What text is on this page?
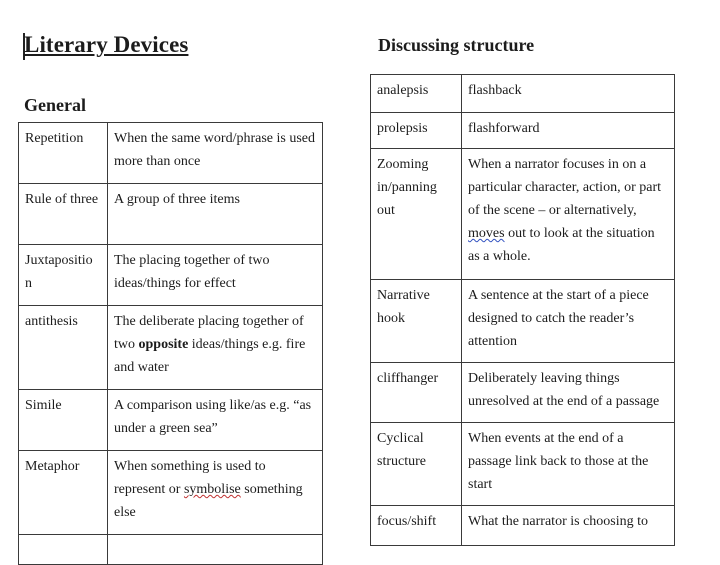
Literary Devices
General
Discussing structure
Repetition	When the same word/phrase is used more than once
Rule of three	A group of three items
Juxtapositio n	The placing together of two ideas/things for effect
antithesis	The deliberate placing together of two opposite ideas/things e.g. fire and water
Simile	A comparison using like/as e.g. “as under a green sea”
Metaphor	When something is used to represent or symbolise something else

analepsis	flashback
prolepsis	flashforward
Zooming in/panning out	When a narrator focuses in on a particular character, action, or part of the scene – or alternatively, moves out to look at the situation as a whole.
Narrative hook	A sentence at the start of a piece designed to catch the reader’s attention
cliffhanger	Deliberately leaving things unresolved at the end of a passage
Cyclical structure	When events at the end of a passage link back to those at the start
focus/shift	What the narrator is choosing to
